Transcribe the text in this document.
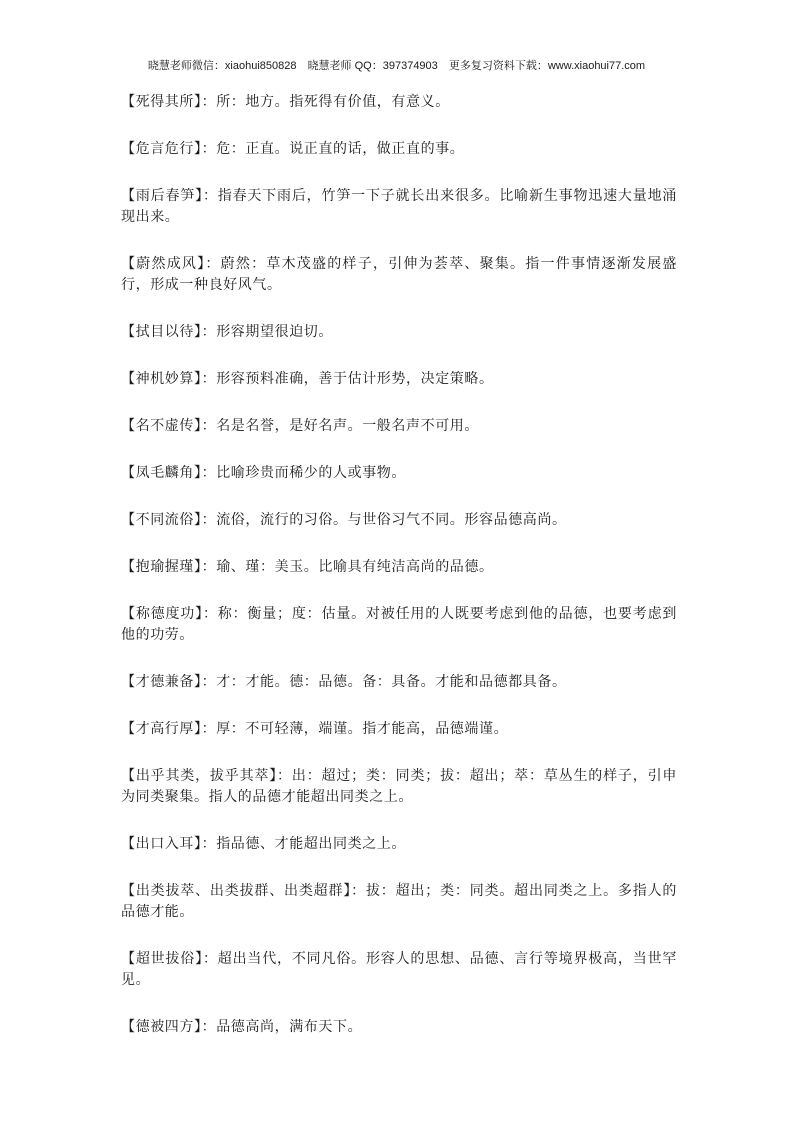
晓慧老师微信：xiaohui850828 晓慧老师 QQ：397374903 更多复习资料下载：www.xiaohui77.com

【死得其所】：所：地方。指死得有价值，有意义。

【危言危行】：危：正直。说正直的话，做正直的事。

【雨后春笋】：指春天下雨后，竹笋一下子就长出来很多。比喻新生事物迅速大量地涌现出来。

【蔚然成风】：蔚然：草木茂盛的样子，引伸为荟萃、聚集。指一件事情逐渐发展盛行，形成一种良好风气。

【拭目以待】：形容期望很迫切。

【神机妙算】：形容预料准确，善于估计形势，决定策略。

【名不虚传】：名是名誉，是好名声。一般名声不可用。

【凤毛麟角】：比喻珍贵而稀少的人或事物。

【不同流俗】：流俗，流行的习俗。与世俗习气不同。形容品德高尚。

【抱瑜握瑾】：瑜、瑾：美玉。比喻具有纯洁高尚的品德。

【称德度功】：称：衡量；度：估量。对被任用的人既要考虑到他的品德，也要考虑到他的功劳。

【才德兼备】：才：才能。德：品德。备：具备。才能和品德都具备。

【才高行厚】：厚：不可轻薄，端谨。指才能高，品德端谨。

【出乎其类，拔乎其萃】：出：超过；类：同类；拔：超出；萃：草丛生的样子，引申为同类聚集。指人的品德才能超出同类之上。

【出口入耳】：指品德、才能超出同类之上。

【出类拔萃、出类拔群、出类超群】：拔：超出；类：同类。超出同类之上。多指人的品德才能。

【超世拔俗】：超出当代，不同凡俗。形容人的思想、品德、言行等境界极高，当世罕见。

【德被四方】：品德高尚，满布天下。
